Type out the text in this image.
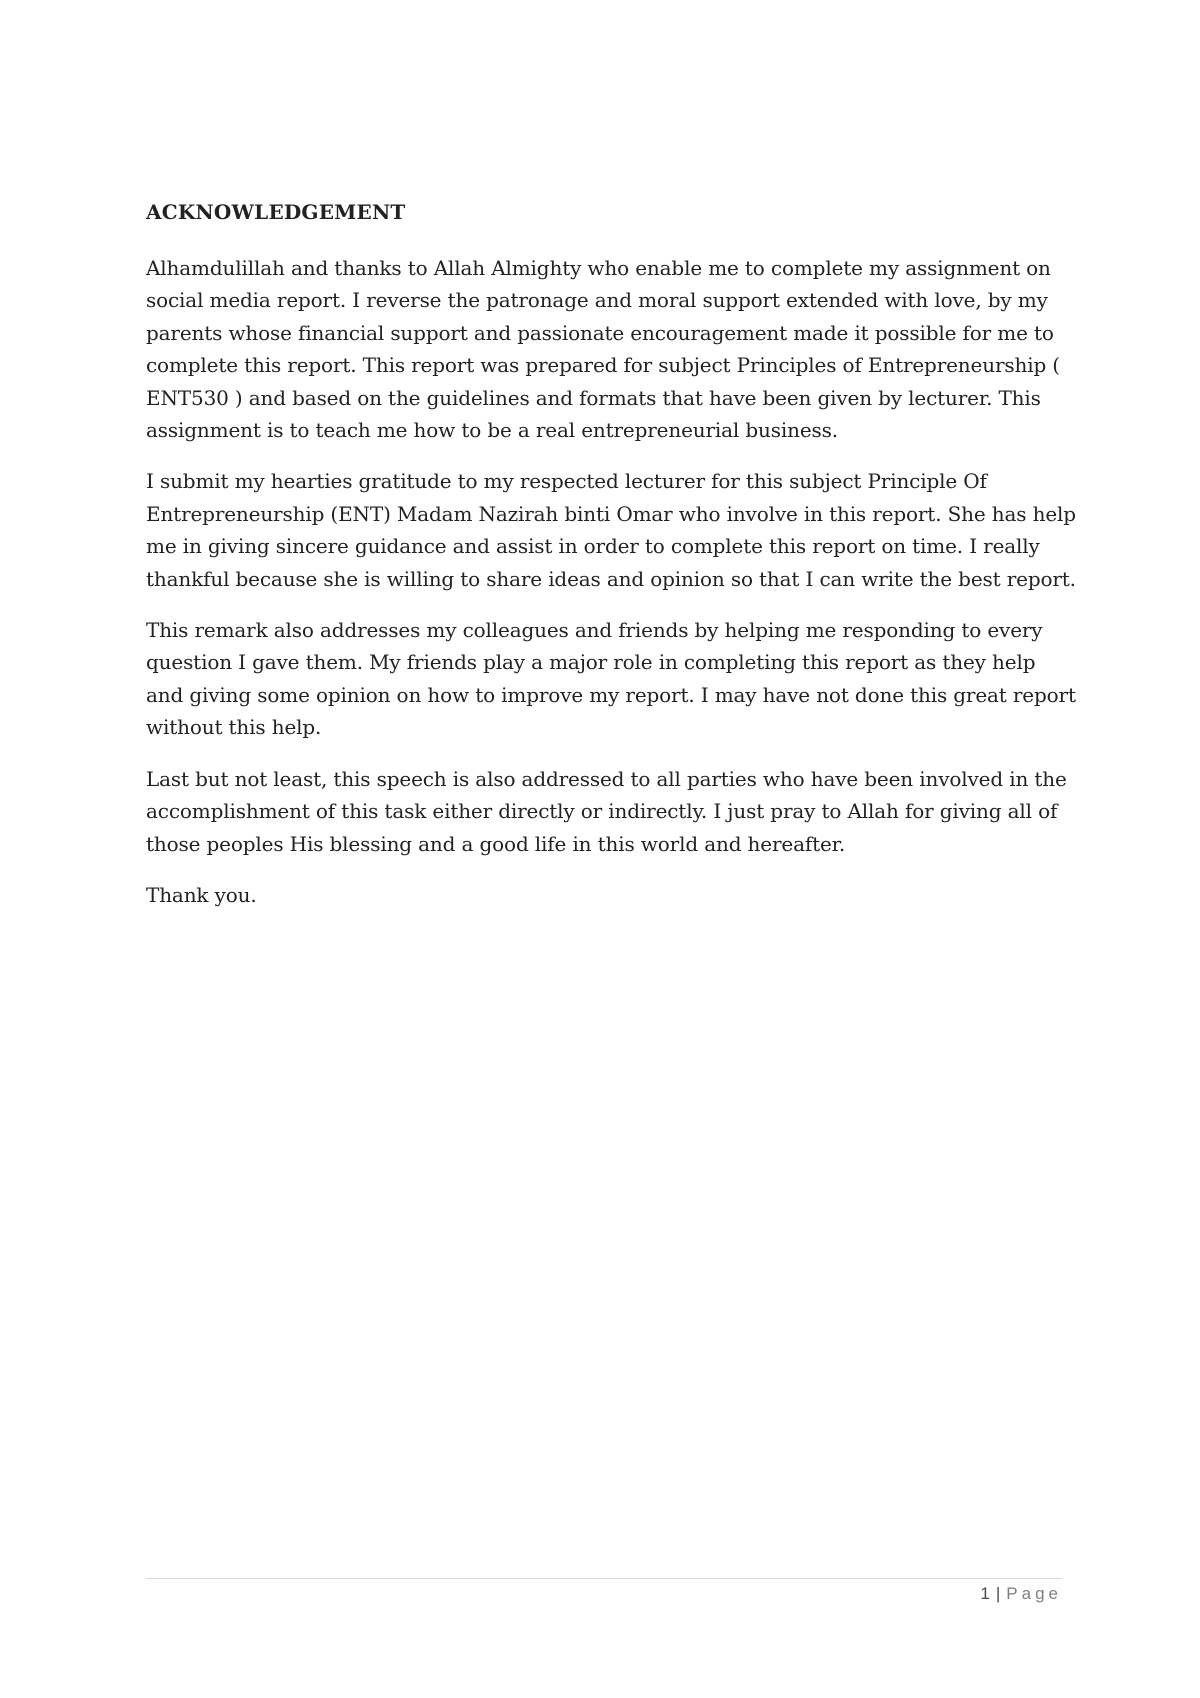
ACKNOWLEDGEMENT

Alhamdulillah and thanks to Allah Almighty who enable me to complete my assignment on social media report. I reverse the patronage and moral support extended with love, by my parents whose financial support and passionate encouragement made it possible for me to complete this report. This report was prepared for subject Principles of Entrepreneurship ( ENT530 ) and based on the guidelines and formats that have been given by lecturer. This assignment is to teach me how to be a real entrepreneurial business.

I submit my hearties gratitude to my respected lecturer for this subject Principle Of Entrepreneurship (ENT) Madam Nazirah binti Omar who involve in this report. She has help me in giving sincere guidance and assist in order to complete this report on time. I really thankful because she is willing to share ideas and opinion so that I can write the best report.

This remark also addresses my colleagues and friends by helping me responding to every question I gave them. My friends play a major role in completing this report as they help and giving some opinion on how to improve my report. I may have not done this great report without this help.

Last but not least, this speech is also addressed to all parties who have been involved in the accomplishment of this task either directly or indirectly. I just pray to Allah for giving all of those peoples His blessing and a good life in this world and hereafter.

Thank you.

1 | Page
